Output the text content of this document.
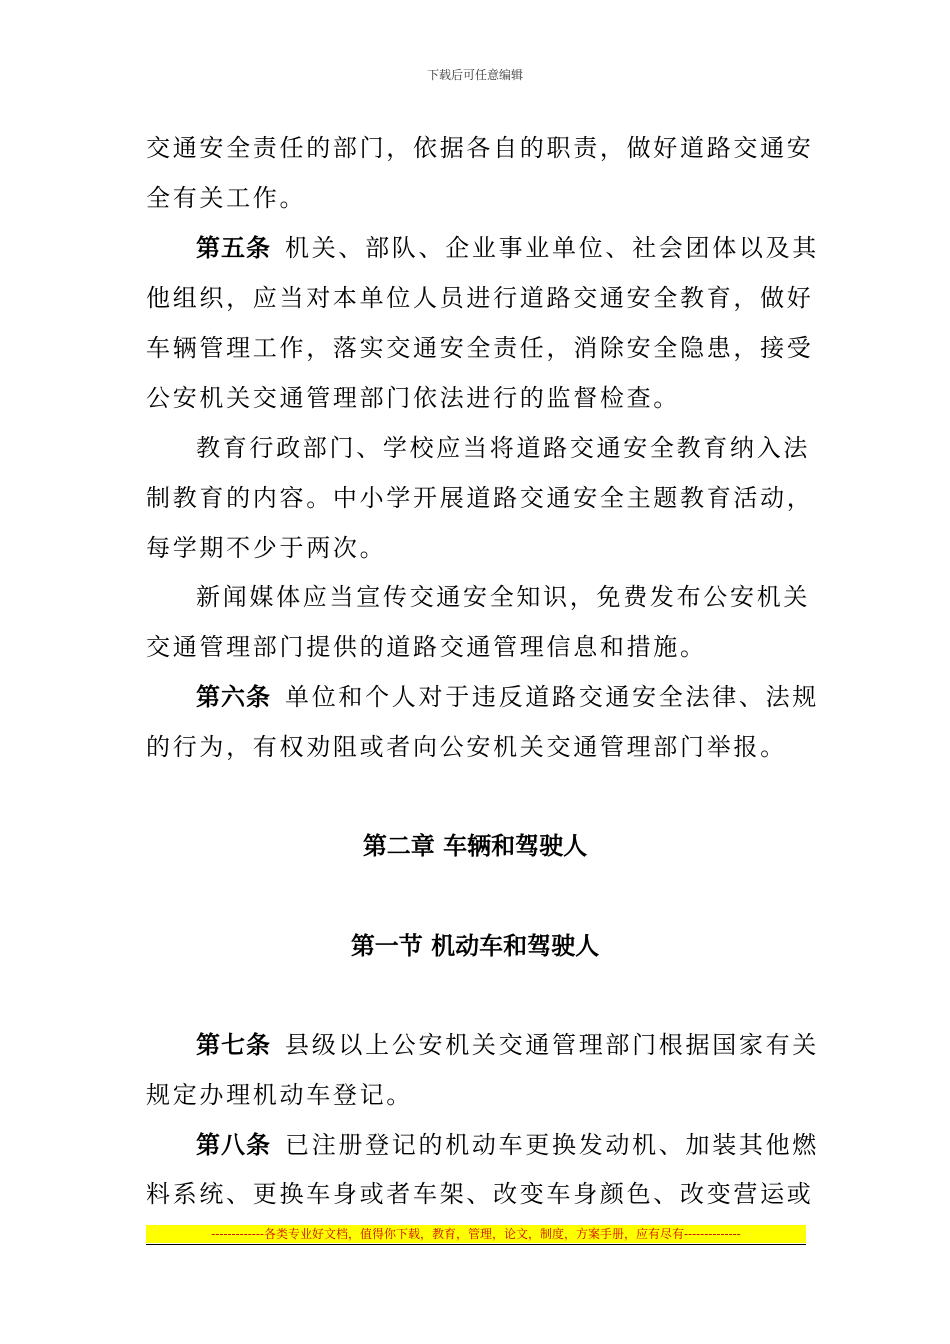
下载后可任意编辑
交通安全责任的部门，依据各自的职责，做好道路交通安
全有关工作。
第五条 机关、部队、企业事业单位、社会团体以及其
他组织，应当对本单位人员进行道路交通安全教育，做好
车辆管理工作，落实交通安全责任，消除安全隐患，接受
公安机关交通管理部门依法进行的监督检查。
教育行政部门、学校应当将道路交通安全教育纳入法
制教育的内容。中小学开展道路交通安全主题教育活动，
每学期不少于两次。
新闻媒体应当宣传交通安全知识，免费发布公安机关
交通管理部门提供的道路交通管理信息和措施。
第六条 单位和个人对于违反道路交通安全法律、法规
的行为，有权劝阻或者向公安机关交通管理部门举报。
第二章 车辆和驾驶人
第一节 机动车和驾驶人
第七条 县级以上公安机关交通管理部门根据国家有关
规定办理机动车登记。
第八条 已注册登记的机动车更换发动机、加装其他燃
料系统、更换车身或者车架、改变车身颜色、改变营运或
-------------各类专业好文档，值得你下载，教育，管理，论文，制度，方案手册，应有尽有--------------
